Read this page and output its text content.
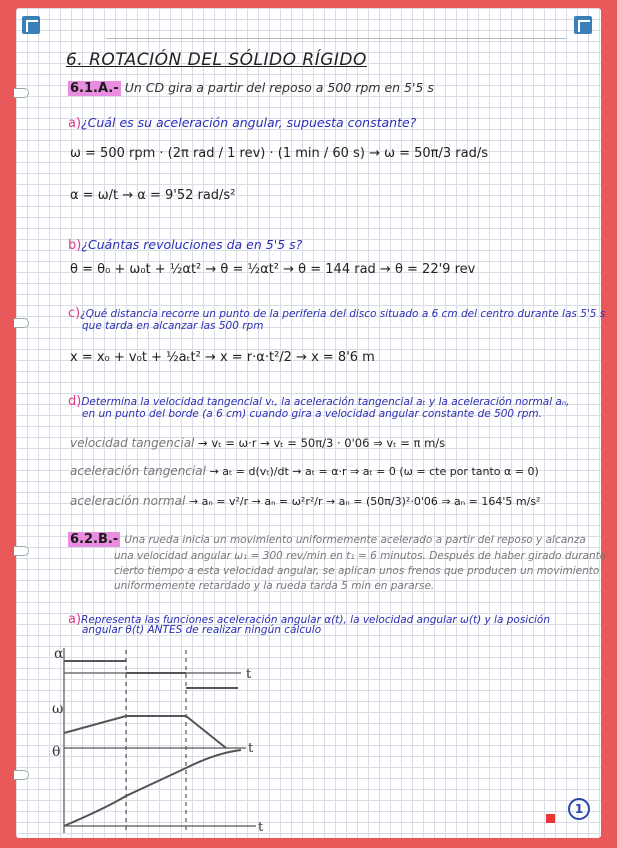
6. ROTACIÓN DEL SÓLIDO RÍGIDO
6.1.A.- Un CD gira a partir del reposo a 500 rpm en 5'5 s
a)¿Cuál es su aceleración angular, supuesta constante?
ω = 500 rpm · (2π rad / 1 rev) · (1 min / 60 s) → ω = 50π/3 rad/s
α = ω/t → α = 9'52 rad/s²
b)¿Cuántas revoluciones da en 5'5 s?
θ = θ₀ + ω₀t + ½αt² → θ = ½αt² → θ = 144 rad → θ = 22'9 rev
c)¿Qué distancia recorre un punto de la periferia del disco situado a 6 cm del centro durante las 5'5 s
que tarda en alcanzar las 500 rpm
x = x₀ + v₀t + ½aₜt² → x = r·α·t²/2 → x = 8'6 m
d)Determina la velocidad tangencial vₜ, la aceleración tangencial aₜ y la aceleración normal aₙ,
en un punto del borde (a 6 cm) cuando gira a velocidad angular constante de 500 rpm.
velocidad tangencial → vₜ = ω·r → vₜ = 50π/3 · 0'06 ⇒ vₜ = π m/s
aceleración tangencial → aₜ = d(vₜ)/dt → aₜ = α·r ⇒ aₜ = 0 (ω = cte por tanto α = 0)
aceleración normal → aₙ = v²/r → aₙ = ω²r²/r → aₙ = (50π/3)²·0'06 ⇒ aₙ = 164'5 m/s²
6.2.B.- Una rueda inicia un movimiento uniformemente acelerado a partir del reposo y alcanza
una velocidad angular ω₁ = 300 rev/min en t₁ = 6 minutos. Después de haber girado durante
cierto tiempo a esta velocidad angular, se aplican unos frenos que producen un movimiento
uniformemente retardado y la rueda tarda 5 min en pararse.
a)Representa las funciones aceleración angular α(t), la velocidad angular ω(t) y la posición
angular θ(t) ANTES de realizar ningún cálculo
α
ω
θ
t
t
t
1
